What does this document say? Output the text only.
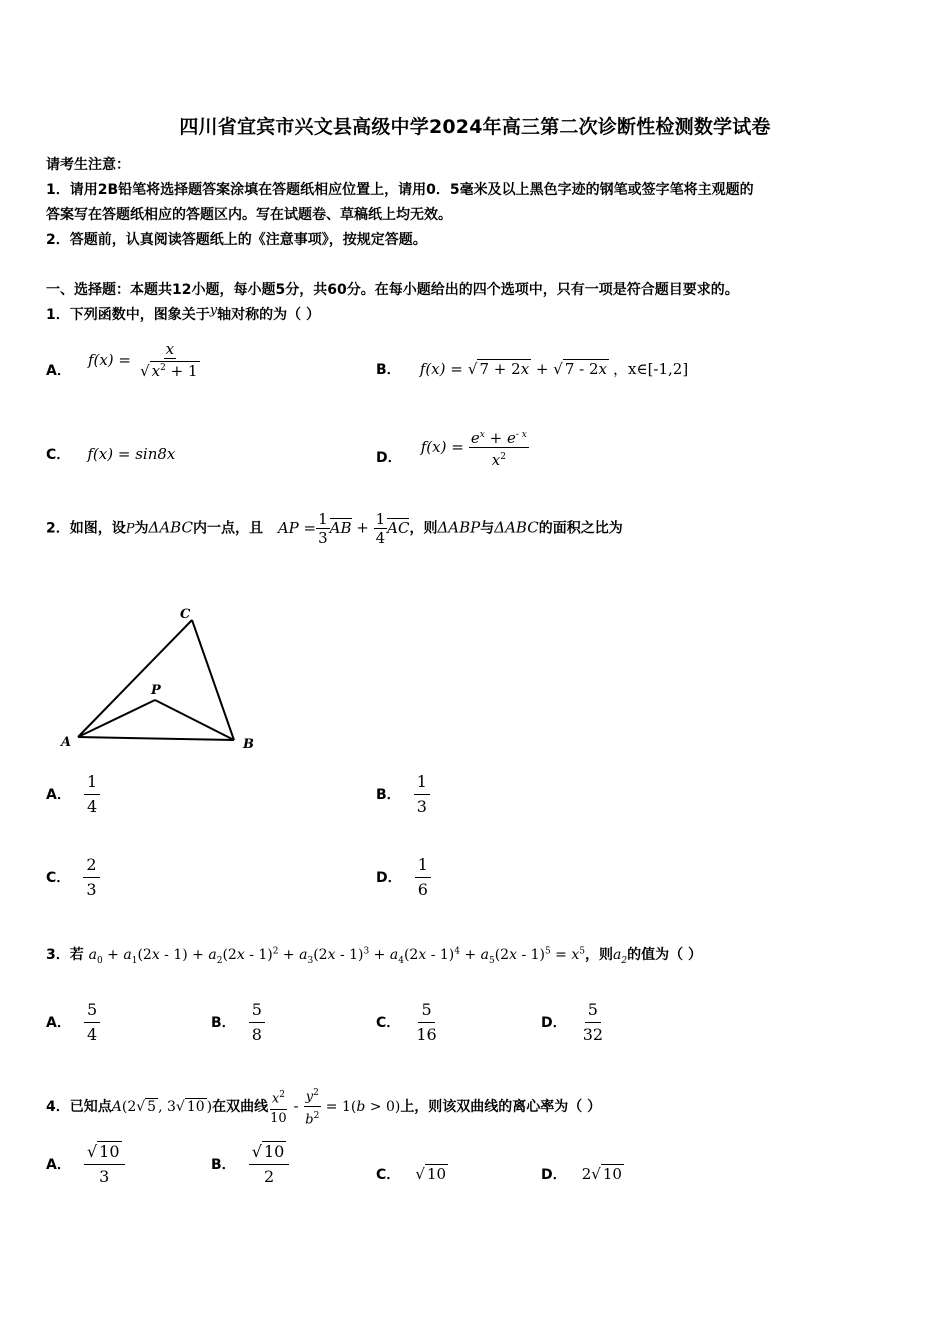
四川省宜宾市兴文县高级中学2024年高三第二次诊断性检测数学试卷
请考生注意：
1．请用2B铅笔将选择题答案涂填在答题纸相应位置上，请用0．5毫米及以上黑色字迹的钢笔或签字笔将主观题的
答案写在答题纸相应的答题区内。写在试题卷、草稿纸上均无效。
2．答题前，认真阅读答题纸上的《注意事项》，按规定答题。
一、选择题：本题共12小题，每小题5分，共60分。在每小题给出的四个选项中，只有一项是符合题目要求的。
1．下列函数中，图象关于y轴对称的为（ ）
A． $f(x) = \frac{x}{√ x^2 + 1}$	B． f(x) = √ 7 + 2x + √ 7 - 2x ，x∈[-1,2]
C． f(x) = sin8x	D． $f(x) = \frac{e^x + e^{- x}}{x^2}$
2．如图，设P为ΔABC内一点，且 AP = $\frac{1}{3}$ AB + $\frac{1}{4}$ AC，则ΔABP与ΔABC的面积之比为
A	B
C
P
A． $\frac{1}{4}$	B． $\frac{1}{3}$
C． $\frac{2}{3}$	D． $\frac{1}{6}$
3．若 $a_0 + a_1(2x - 1) + a_2(2x - 1)^2 + a_3(2x - 1)^3 + a_4(2x - 1)^4 + a_5(2x - 1)^5 = x^5$，则$a_2$的值为（ ）
A． $\frac{5}{4}$	B． $\frac{5}{8}$	C． $\frac{5}{16}$	D． $\frac{5}{32}$
4．已知点A(2√ 5 , 3√ 10 )在双曲线 $\frac{x^2}{10} - \frac{y^2}{b^2} = 1(b > 0)$上，则该双曲线的离心率为（ ）
A． $\frac{√ 10}{3}$	B． $\frac{√ 10}{2}$	C． √ 10	D． 2√ 10
